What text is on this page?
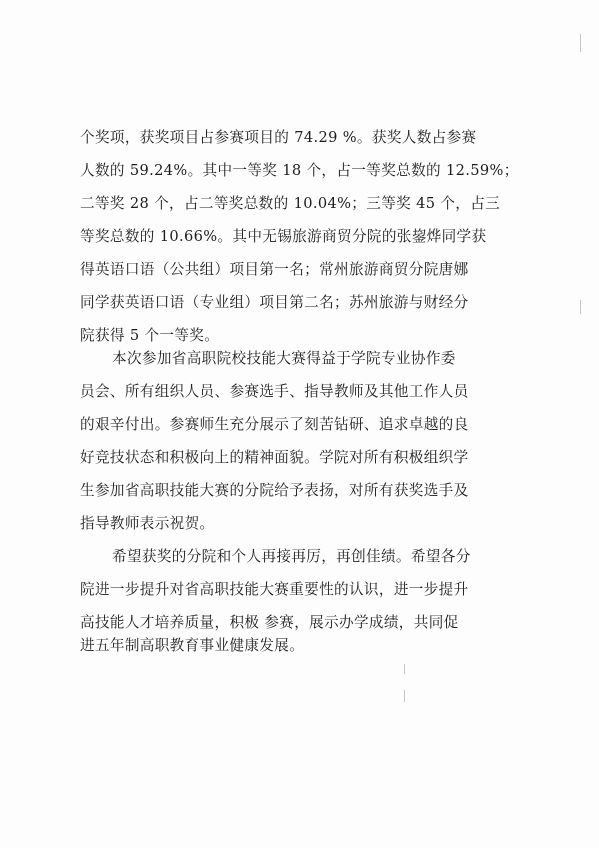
个奖项，获奖项目占参赛项目的 74.29 %。获奖人数占参赛
人数的 59.24%。其中一等奖 18 个，占一等奖总数的 12.59%；
二等奖 28 个，占二等奖总数的 10.04%；三等奖 45 个，占三
等奖总数的 10.66%。其中无锡旅游商贸分院的张鋆烨同学获
得英语口语（公共组）项目第一名；常州旅游商贸分院唐娜
同学获英语口语（专业组）项目第二名；苏州旅游与财经分
院获得 5 个一等奖。
本次参加省高职院校技能大赛得益于学院专业协作委
员会、所有组织人员、参赛选手、指导教师及其他工作人员
的艰辛付出。参赛师生充分展示了刻苦钻研、追求卓越的良
好竞技状态和积极向上的精神面貌。学院对所有积极组织学
生参加省高职技能大赛的分院给予表扬，对所有获奖选手及
指导教师表示祝贺。
希望获奖的分院和个人再接再厉，再创佳绩。希望各分
院进一步提升对省高职技能大赛重要性的认识，进一步提升
高技能人才培养质量，积极 参赛，展示办学成绩，共同促
进五年制高职教育事业健康发展。
